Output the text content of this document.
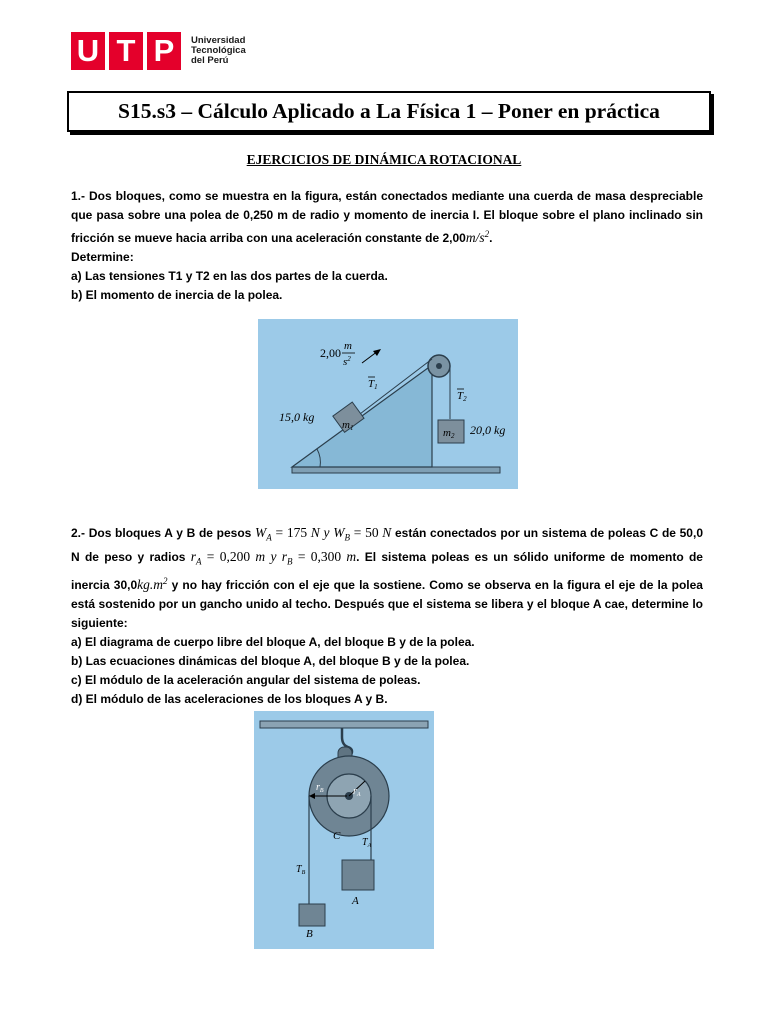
U T P	Universidad
Tecnológica
del Perú
S15.s3 – Cálculo Aplicado a La Física 1 – Poner en práctica
EJERCICIOS DE DINÁMICA ROTACIONAL
1.- Dos bloques, como se muestra en la figura, están conectados mediante una cuerda de masa despreciable
que pasa sobre una polea de 0,250 m de radio y momento de inercia I. El bloque sobre el plano inclinado sin
fricción se mueve hacia arriba con una aceleración constante de $2,00m/s^2$.
Determine:
a) Las tensiones T1 y T2 en las dos partes de la cuerda.
b) El momento de inercia de la polea.
m1	m2
15,0 kg
20,0 kg
T1
T2
2,00 m
$s^2$
2.- Dos bloques A y B de pesos $W_A = 175$ N y $W_B = 50$ N están conectados por un sistema de poleas C de 50,0
N de peso y radios $r_A = 0,200$ m y $r_B = 0,300$ m. El sistema poleas es un sólido uniforme de momento de
inercia $30,0kg.m^2$ y no hay fricción con el eje que la sostiene. Como se observa en la figura el eje de la polea
está sostenido por un gancho unido al techo. Después que el sistema se libera y el bloque A cae, determine lo
siguiente:
a) El diagrama de cuerpo libre del bloque A, del bloque B y de la polea.
b) Las ecuaciones dinámicas del bloque A, del bloque B y de la polea.
c) El módulo de la aceleración angular del sistema de poleas.
d) El módulo de las aceleraciones de los bloques A y B.
$r_B$	$r_A$
C
$T_A$
$T_B$
A
B
